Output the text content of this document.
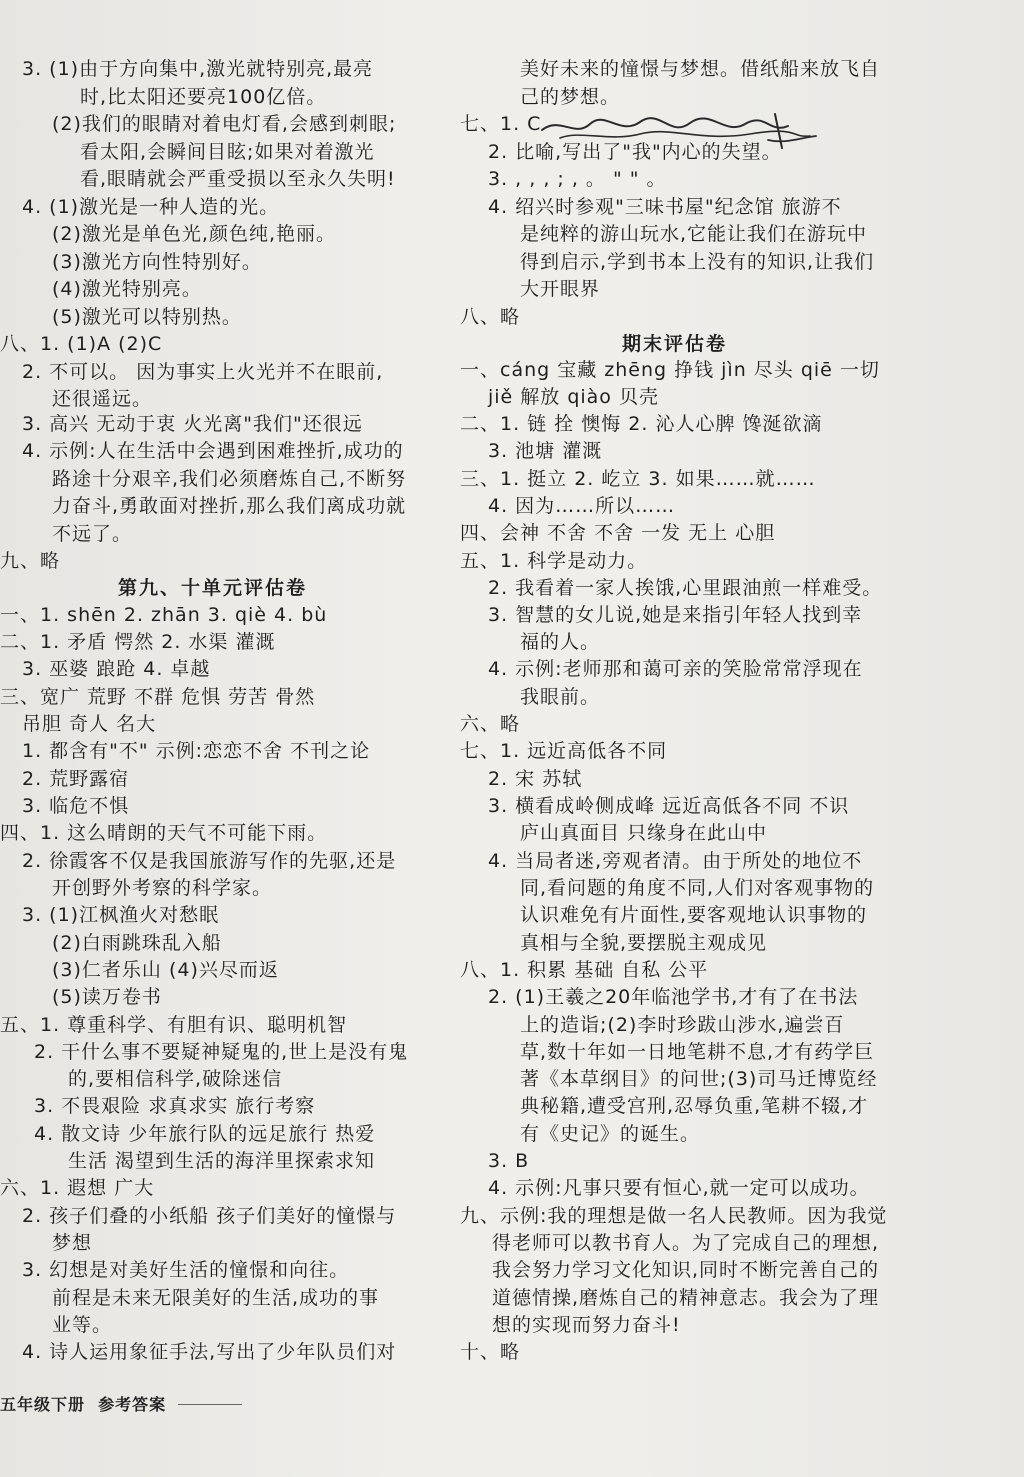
3. (1)由于方向集中,激光就特别亮,最亮
时,比太阳还要亮100亿倍。
(2)我们的眼睛对着电灯看,会感到刺眼;
看太阳,会瞬间目眩;如果对着激光
看,眼睛就会严重受损以至永久失明!
4. (1)激光是一种人造的光。
(2)激光是单色光,颜色纯,艳丽。
(3)激光方向性特别好。
(4)激光特别亮。
(5)激光可以特别热。
八、1. (1)A (2)C
2. 不可以。 因为事实上火光并不在眼前,
还很遥远。
3. 高兴 无动于衷 火光离"我们"还很远
4. 示例:人在生活中会遇到困难挫折,成功的
路途十分艰辛,我们必须磨炼自己,不断努
力奋斗,勇敢面对挫折,那么我们离成功就
不远了。
九、略
第九、十单元评估卷
一、1. shēn 2. zhān 3. qiè 4. bù
二、1. 矛盾 愕然 2. 水渠 灌溉
3. 巫婆 踉跄 4. 卓越
三、宽广 荒野 不群 危惧 劳苦 骨然
吊胆 奇人 名大
1. 都含有"不" 示例:恋恋不舍 不刊之论
2. 荒野露宿
3. 临危不惧
四、1. 这么晴朗的天气不可能下雨。
2. 徐霞客不仅是我国旅游写作的先驱,还是
开创野外考察的科学家。
3. (1)江枫渔火对愁眠
(2)白雨跳珠乱入船
(3)仁者乐山 (4)兴尽而返
(5)读万卷书
五、1. 尊重科学、有胆有识、聪明机智
2. 干什么事不要疑神疑鬼的,世上是没有鬼
的,要相信科学,破除迷信
3. 不畏艰险 求真求实 旅行考察
4. 散文诗 少年旅行队的远足旅行 热爱
生活 渴望到生活的海洋里探索求知
六、1. 遐想 广大
2. 孩子们叠的小纸船 孩子们美好的憧憬与
梦想
3. 幻想是对美好生活的憧憬和向往。
前程是未来无限美好的生活,成功的事
业等。
4. 诗人运用象征手法,写出了少年队员们对
美好未来的憧憬与梦想。借纸船来放飞自
己的梦想。
七、1. C
2. 比喻,写出了"我"内心的失望。
3. , , , ; , 。 " " 。
4. 绍兴时参观"三味书屋"纪念馆 旅游不
是纯粹的游山玩水,它能让我们在游玩中
得到启示,学到书本上没有的知识,让我们
大开眼界
八、略
期末评估卷
一、cáng 宝藏 zhēng 挣钱 jìn 尽头 qiē 一切
jiě 解放 qiào 贝壳
二、1. 链 拴 懊悔 2. 沁人心脾 馋涎欲滴
3. 池塘 灌溉
三、1. 挺立 2. 屹立 3. 如果……就……
4. 因为……所以……
四、会神 不舍 不舍 一发 无上 心胆
五、1. 科学是动力。
2. 我看着一家人挨饿,心里跟油煎一样难受。
3. 智慧的女儿说,她是来指引年轻人找到幸
福的人。
4. 示例:老师那和蔼可亲的笑脸常常浮现在
我眼前。
六、略
七、1. 远近高低各不同
2. 宋 苏轼
3. 横看成岭侧成峰 远近高低各不同 不识
庐山真面目 只缘身在此山中
4. 当局者迷,旁观者清。由于所处的地位不
同,看问题的角度不同,人们对客观事物的
认识难免有片面性,要客观地认识事物的
真相与全貌,要摆脱主观成见
八、1. 积累 基础 自私 公平
2. (1)王羲之20年临池学书,才有了在书法
上的造诣;(2)李时珍跋山涉水,遍尝百
草,数十年如一日地笔耕不息,才有药学巨
著《本草纲目》的问世;(3)司马迁博览经
典秘籍,遭受宫刑,忍辱负重,笔耕不辍,才
有《史记》的诞生。
3. B
4. 示例:凡事只要有恒心,就一定可以成功。
九、示例:我的理想是做一名人民教师。因为我觉
得老师可以教书育人。为了完成自己的理想,
我会努力学习文化知识,同时不断完善自己的
道德情操,磨炼自己的精神意志。我会为了理
想的实现而努力奋斗!
十、略
五年级下册 参考答案
